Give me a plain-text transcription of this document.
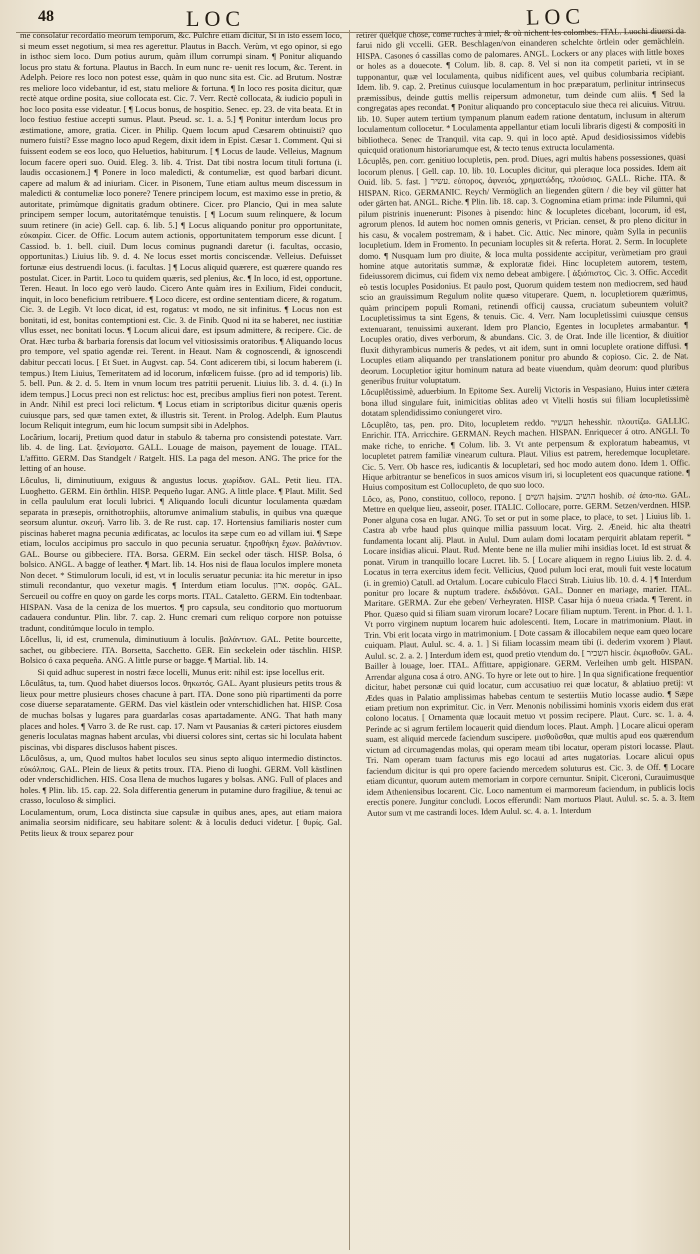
48	LOC	LOC

me consolatur recordatio meorum temporum, &c. Pulchre etiam dicitur, Si in isto essem loco, si meum esset negotium, si mea res agerettur. Plautus in Bacch. Verùm, vt ego opinor, si ego in isthoc siem loco. Dum potius aurum, quàm illum corrumpi sinam. ¶ Ponitur aliquando locus pro statu & fortuna. Plautus in Bacch. In eum nunc re- uenit res locum, &c. Terent. in Adelph. Peiore res loco non potest esse, quàm in quo nunc sita est. Cic. ad Brutum. Nostræ res meliore loco videbantur, id est, statu meliore & fortuna. ¶ In loco res posita dicitur, quæ rectè atque ordine posita, siue collocata est. Cic. 7. Verr. Rectè collocata, & iudicio populi in hoc loco posita esse videatur. [ ¶ Locus bonus, de hospitio. Senec. ep. 23. de vita beata. Et in loco festiuo festiue accepti sumus. Plaut. Pseud. sc. 1. a. 5.] ¶ Ponitur interdum locus pro æstimatione, amore, gratia. Cicer. in Philip. Quem locum apud Cæsarem obtinuisti? quo numero fuisti? Esse magno loco apud Regem, dixit idem in Epist. Cæsar 1. Comment. Qui si fuissent eodem se eos loco, quo Heluetios, habiturum. [ ¶ Locus de laude. Velleius, Magnum locum facere operi suo. Ouid. Eleg. 3. lib. 4. Trist. Dat tibi nostra locum tituli fortuna (i. laudis occasionem.] ¶ Ponere in loco maledicti, & contumeliæ, est quod barbari dicunt. capere ad malum & ad iniuriam. Cicer. in Pisonem, Tune etiam aultus meum discessum in maledicti & contumeliæ loco ponere? Tenere principem locum, est maximo esse in pretio, & autoritate, primùmque dignitatis gradum obtinere. Cicer. pro Plancio, Qui in mea salute principem semper locum, autoritatémque tenuistis. [ ¶ Locum suum relinquere, & locum suum retinere (in acie) Gell. cap. 6. lib. 5.] ¶ Locus aliquando ponitur pro opportunitate, εὐκαιρία. Cicer. de Offic. Locum autem actionis, opportunitatem temporum esse dicunt. [ Cassiod. b. 1. bell. ciuil. Dum locus cominus pugnandi daretur (i. facultas, occasio, opportunitas.) Liuius lib. 9. d. 4. Ne locus esset mortis conciscendæ. Velleius. Defuisset fortunæ eius destruendi locus. (i. facultas. ] ¶ Locus aliquid quærere, est quærere quando res postulat. Cicer. in Partit. Loco tu quidem quæris, sed plenius, &c. ¶ In loco, id est, opportune. Teren. Heaut. In loco ego verò laudo. Cicero Ante quàm ires in Exilium, Fidei conducit, inquit, in loco beneficium retribuere. ¶ Loco dicere, est ordine sententiam dicere, & rogatum. Cic. 3. de Legib. Vt loco dicat, id est, rogatus: vt modo, ne sit infinitus. ¶ Locus non est bonitati, id est, bonitas contemptioni est. Cic. 3. de Finib. Quod ni ita se haberet, nec iustitiæ vllus esset, nec bonitati locus. ¶ Locum alicui dare, est ipsum admittere, & recipere. Cic. de Orat. Hæc turba & barbaria forensis dat locum vel vitiosissimis oratoribus. ¶ Aliquando locus pro tempore, vel spatio agendæ rei. Terent. in Heaut. Nam & cognoscendi, & ignoscendi dabitur peccati locus. [ Et Suet. in Augvst. cap. 54. Cont adicerem tibi, si locum haberem (i. tempus.) Item Liuius, Temeritatem ad id locorum, infœlicem fuisse. (pro ad id temporis) lib. 5. bell. Pun. & 2. d. 5. Item in vnum locum tres patritii peruenit. Liuius lib. 3. d. 4. (i.) In idem tempus.] Locus preci non est relictus: hoc est, precibus amplius fieri non potest. Terent. in Andr. Nihil est preci loci relictum. ¶ Locus etiam in scriptoribus dicitur quænis operis cuiusque pars, sed quæ tamen extet, & illustris sit. Terent. in Prolog. Adelph. Eum Plautus locum Reliquit integrum, eum hic locum sumpsit sibi in Adelphos.

Locârium, locarij, Pretium quod datur in stabulo & taberna pro consistendi potestate. Varr. lib. 4. de ling. Lat. ξενίσματα. GALL. Louage de maison, payement de louage. ITAL. L'affitto. GERM. Das Standgelt / Ratgelt. HIS. La paga del meson. ANG. The price for the letting of an house.

Lôculus, li, diminutiuum, exiguus & angustus locus. χωρίδιον. GAL. Petit lieu. ITA. Luoghetto. GERM. Ein örthlin. HISP. Pequeño lugar. ANG. A little place. ¶ Plaut. Milit. Sed in cella paululum erat loculi lubrici. ¶ Aliquando loculi dicuntur loculamenta quædam separata in præsepis, ornithotrophiis, altorumve animalium stabulis, in quibus vna quæque seorsum aluntur. σκευή. Varro lib. 3. de Re rust. cap. 17. Hortensius familiaris noster cum piscinas haberet magna pecunia ædificatas, ac loculos ita sæpe cum eo ad villam iui. ¶ Sæpe etiam, loculos accipimus pro sacculo in quo pecunia seruatur. ξηροθήκη ἔχων. βαλάντιον. GAL. Bourse ou gibbeciere. ITA. Borsa. GERM. Ein seckel oder täsch. HISP. Bolsa, ó bolsico. ANGL. A bagge of leather. ¶ Mart. lib. 14. Hos nisi de flaua loculos implere moneta Non decet. * Stimulorum loculi, id est, vt in loculis seruatur pecunia: ita hic meretur in ipso stimuli recondantur, quo vexetur magis. ¶ Interdum etiam loculus. ארון. σορός. GAL. Sercueil ou coffre en quoy on garde les corps morts. ITAL. Cataletto. GERM. Ein todtenbaar. HISPAN. Vasa de la ceniza de los muertos. ¶ pro capsula, seu conditorio quo mortuorum cadauera conduntur. Plin. libr. 7. cap. 2. Hunc cremari cum reliquo corpore non potuisse tradunt, conditúmque loculo in templo.

Lôcellus, li, id est, crumenula, diminutiuum à loculis. βαλάντιον. GAL. Petite bourcette, sachet, ou gibbeciere. ITA. Borsetta, Sacchetto. GER. Ein seckelein oder täschlin. HISP. Bolsico ó caxa pequeña. ANG. A little purse or bagge. ¶ Martial. lib. 14.

Si quid adhuc superest in nostri fæce locelli, Munus erit: nihil est: ipse locellus erit.

Lôculâtus, ta, tum. Quod habet diuersos locos. θηκωτός. GAL. Ayant plusieurs petits trous & lieux pour mettre plusieurs choses chacune à part. ITA. Done sono più ripartimenti da porre cose diuerse separatamente. GERM. Das viel kästlein oder vnterschidlichen hat. HISP. Cosa de muchas bolsas y lugares para guardarlas cosas apartadamente. ANG. That hath many places and holes. ¶ Varro 3. de Re rust. cap. 17. Nam vt Pausanias & cæteri pictores eiusdem generis loculatas magnas habent arculas, vbi diuersi colores sint, certas sic hi loculata habent piscinas, vbi dispares disclusos habent pisces.

Lôculôsus, a, um, Quod multos habet loculos seu sinus septo aliquo intermedio distinctos. εὐκόλποις. GAL. Plein de lieux & petits troux. ITA. Pieno di luoghi. GERM. Voll kästlinen oder vnderschidlichen. HIS. Cosa llena de muchos lugares y bolsas. ANG. Full of places and holes. ¶ Plin. lib. 15. cap. 22. Sola differentia generum in putamine duro fragiliue, & tenui ac crasso, loculoso & simplici.

Loculamentum, orum, Loca distincta siue capsulæ in quibus anes, apes, aut etiam maiora animalia seorsim nidificare, seu habitare solent: & à loculis deduci videtur. [ θυρίς. Gal. Petits lieux & troux separez pour

retirer quelque chose, come ruches à miel, & où nichent les colombes. ITAL. Luochi diuersi da farui nido gli vccelli. GER. Beschlagen/von einanderen schelchte örtlein oder gemächlein. HISPA. Casones ó cassillas como de palomares. ANGL. Lockers or any places with little boxes or holes as a douecote. ¶ Colum. lib. 8. cap. 8. Vel si non ita competit parieti, vt in se tupponantur, quæ vel loculamenta, quibus nidificent aues, vel quibus columbaria recipiant. Idem. lib. 9. cap. 2. Pretinus cuiusque loculamentum in hoc præparatum, perlinitur intrinsecus præmissibus, deinde guttis mellis reipersum admonetur, tum deinde cum aliis. ¶ Sed la congregatas apes recondat. ¶ Ponitur aliquando pro conceptaculo siue theca rei alicuius. Vitruu. lib. 10. Super autem tertium tympanum planum eadem ratione dentatum, inclusum in alterum loculamentum collocetur. * Loculamenta appellantur etiam loculi libraris digesti & compositi in bibliotheca. Senec de Tranquil. vita cap. 9. qui in loco aptè. Apud desidiosissimos videbis quicquid orationum historiarumque est, & tecto tenus extructa loculamenta.

Lôcuplês, pen. corr. genitiuo locupletis, pen. prod. Diues, agri multis habens possessiones, quasi locorum plenus. [ Gell. cap. 10. lib. 10. Locuples dicitur, qui pleraque loca possides. Idem ait Ouid. lib. 5. fast. ] עשיר. εὐπορος, ἀφνειός, χρηματώδης, πλούσιος. GALL. Riche. ITA. & HISPAN. Rico. GERMANIC. Reych/ Vermöglich an liegenden gütern / die bey vil gütter hat oder gärten hat. ANGL. Riche. ¶ Plin. lib. 18. cap. 3. Cognomina etiam prima: inde Pilumni, qui pilum pistrinis inuenerunt: Pisones à pisendo: hinc & locupletes dicebant, locorum, id est, agrorum plenos. Id autem hoc nomen omnis generis, vt Prician. censet, & pro pleno dicitur in his casu, & vocalem postremam, & i habet. Cic. Attic. Nec minore, quàm Sylla in pecuniis locupletium. Idem in Fromento. In pecuniam locuples sit & referta. Horat. 2. Serm. In locuplete domo. ¶ Nusquam lum pro diuite, & loca multa possidente accipitur, verùmetiam pro graui homine atque autoritatis summæ, & exploratæ fidei. Hinc locupletem autorem, testem, fideiussorem dicimus, cui fidem vix nemo debeat ambigere. [ ἀξιόπιστος. Cic. 3. Offic. Accedit eò testis locuples Posidonius. Et paulo post, Quorum quidem testem non mediocrem, sed haud scio an grauissimum Regulum nolite quæso vituperare. Quem, n. locupletiorem quærimus, quàm principem populi Romani, retinendi officij caussa, cruciatum subeuntem voluit? Locupletissimus ta sint Egens, & tenuis. Cic. 4. Verr. Nam locupletissimi cuiusque census extenuarant, tenuissimi auxerant. Idem pro Plancio, Egentes in locupletes armabantur. ¶ Locuples oratio, dives verborum, & abundans. Cic. 3. de Orat. Inde ille licentior, & diuitior fluxit dithyrambicus numeris & pedes, vt ait idem, sunt in omni locuplete oratione diffusi. ¶ Locuples etiam aliquando per translationem ponitur pro abundo & copioso. Cic. 2. de Nat. deorum. Locupletior igitur hominum natura ad beate viuendum, quàm deorum: quod pluribus generibus fruitur voluptatum.

Lôcuplêtissimè, aduerbium. In Epitome Sex. Aurelij Victoris in Vespasiano, Huius inter cætera bona illud singulare fuit, inimicitias oblitas adeo vt Vitelli hostis sui filiam locupletissimè dotatam splendidissimo coniungeret viro.

Lôcuplêto, tas, pen. pro. Dito, locupletem reddo. העשיר hehesshir. πλουτίζω. GALLIC. Enrichir. ITA. Arricchire. GERMAN. Reych machen. HISPAN. Enriquecer á otro. ANGLI. To make riche, to enriche. ¶ Colum. lib. 3. Vt ante perpensum & exploratum habeamus, vt locupletet patrem familiæ vinearum cultura. Plaut. Vilius est patrem, heredemque locupletare. Cic. 5. Verr. Ob hasce res, iudicantis & locupletari, sed hoc modo autem dono. Idem 1. Offic. Hique arbitrantur se beneficos in suos amicos visum iri, si locupletent eos quacunque ratione. ¶ Huius compositum est Collocupleto, de quo suo loco.

Lôco, as, Pono, constituo, colloco, repono. [ השים hajsim. הושיב hoshib. σέ ἀπο-πω. GAL. Mettre en quelque lieu, asseoir, poser. ITALIC. Collocare, porre. GERM. Setzen/verdnen. HISP. Poner alguna cosa en lugar. ANG. To set or put in some place, to place, to set. ] Liuius lib. 1. Castra ab vrbe haud plus quinque millia passuum locat. Virg. 2. Æneid. hic alta theatri fundamenta locant alij. Plaut. in Aulul. Dum aulam domi locatam perquirit ablatam reperit. * Locare insidias alicui. Plaut. Rud. Mente bene ne illa mulier mihi insidias locet. Id est struat & ponat. Virum in tranquillo locare Lucret. lib. 5. [ Locare aliquem in regno Liuius lib. 2. d. 4. Locatus in terra exercitus idem fecit. Vellicius, Quod pulum loci erat, mouli fuit veste locatum (i. in gremio) Catull. ad Ortalum. Locare cubiculo Flacci Strab. Liuius lib. 10. d. 4. ] ¶ Interdum ponitur pro locare & nuptum tradere. ἐκδιδόναι. GAL. Donner en mariage, marier. ITAL. Maritare. GERMA. Zur ehe geben/ Verheyraten. HISP. Casar hija ó nueua criada. ¶ Terent. in Phor. Quæso quid si filiam suam virorum locare? Locare filiam nuptum. Terent. in Phor. d. 1. 1. Vt porro virginem nuptum locarem huic adolescenti. Item, Locare in matrimonium. Plaut. in Trin. Vbi erit locata virgo in matrimonium. [ Dote cassam & illocabilem neque eam queo locare cuiquam. Plaut. Aulul. sc. 4. a. 1. ] Si filiam locassim meam tibi (i. dederim vxorem ) Plaut. Aulul. sc. 2. a. 2. ] Interdum idem est, quod pretio vtendum do. [ השכיר hiscir. ἐκμισθοῦν. GAL. Bailler à louage, loer. ITAL. Affittare, appigionare. GERM. Verleihen umb gelt. HISPAN. Arrendar alguna cosa á otro. ANG. To hyre or lete out to hire. ] In qua significatione frequentior dicitur, habet personæ cui quid locatur, cum accusatiuo rei quæ locatur, & ablatiuo pretij: vt Ædes quas in Palatio amplissimas habebas centum te sestertiis Mutio locasse audio. ¶ Sæpe etiam pretium non exprimitur. Cic. in Verr. Menonis nobilissimi hominis vxoris eidem dus erat colono locatus. [ Ornamenta quæ locauit metuo vt possim recipere. Plaut. Curc. sc. 1. a. 4. Perinde ac si agrum fertilem locauerit quid diendum loces. Plaut. Amph. ] Locare alicui operam suam, est aliquid mercede faciendum suscipere. μισθοῦσθαι, quæ multis apud eos quærendum victum ad circumagendas molas, qui operam meam tibi locatur, operam pistori locasse. Plaut. Tri. Nam operam tuam facturus mis ego locaui ad artes nugatorias. Locare alicui opus faciendum dicitur is qui pro opere faciendo mercedem soluturus est. Cic. 3. de Off. ¶ Locare etiam dicuntur, quorum autem memoriam in corpore cernuntur. Snipit. Ciceroni, Curauimusque idem Atheniensibus locarent. Cic. Loco namentum ei marmoreum faciendum, in publicis locis erectis ponere. Jungitur concludi. Locos efferundi: Nam mortuos Plaut. Aulul. sc. 5. a. 3. Item Autor sum vt me castrandi loces. Idem Aulul. sc. 4. a. 1. Interdum
